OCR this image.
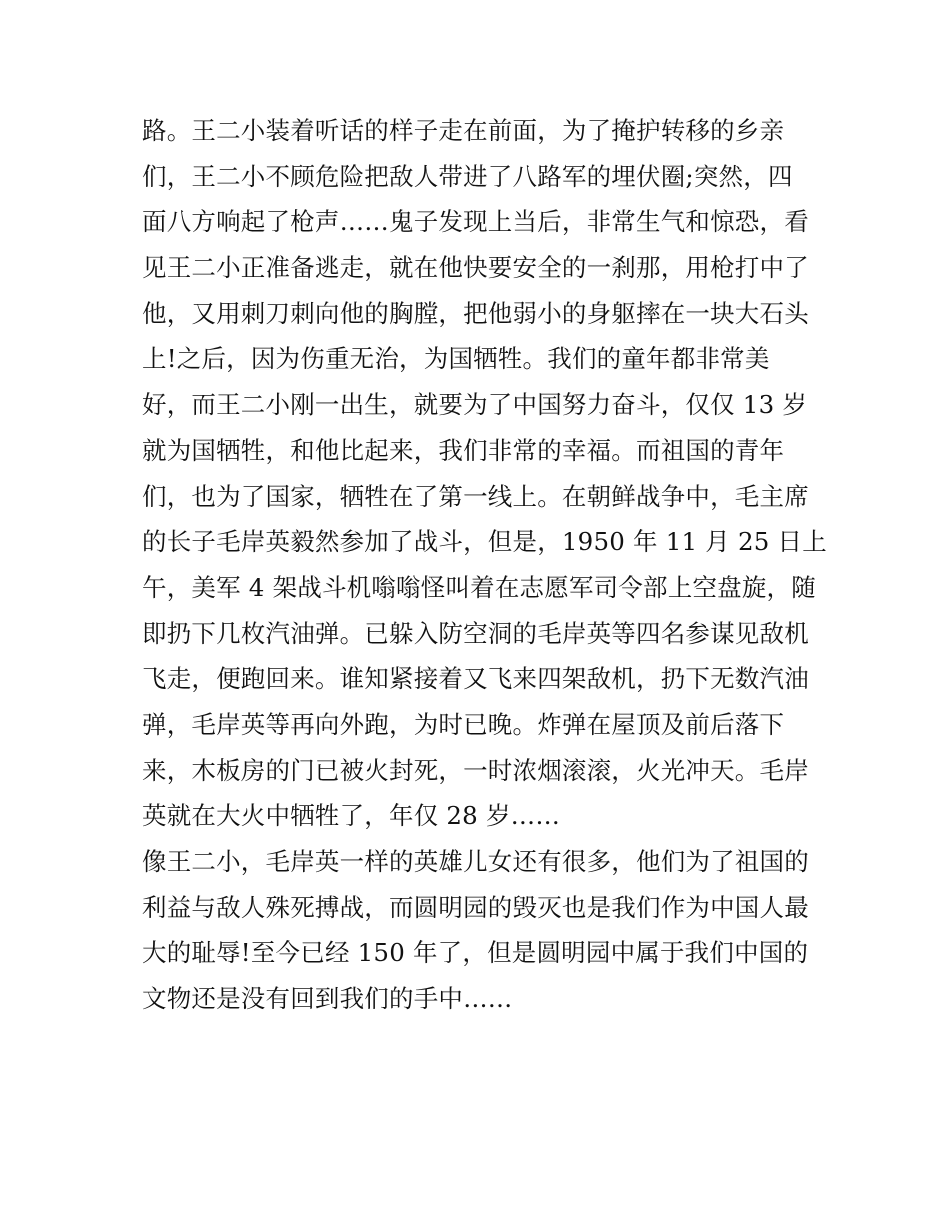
路。王二小装着听话的样子走在前面，为了掩护转移的乡亲
们，王二小不顾危险把敌人带进了八路军的埋伏圈;突然，四
面八方响起了枪声……鬼子发现上当后，非常生气和惊恐，看
见王二小正准备逃走，就在他快要安全的一刹那，用枪打中了
他，又用刺刀刺向他的胸膛，把他弱小的身躯摔在一块大石头
上!之后，因为伤重无治，为国牺牲。我们的童年都非常美
好，而王二小刚一出生，就要为了中国努力奋斗，仅仅 13 岁
就为国牺牲，和他比起来，我们非常的幸福。而祖国的青年
们，也为了国家，牺牲在了第一线上。在朝鲜战争中，毛主席
的长子毛岸英毅然参加了战斗，但是，1950 年 11 月 25 日上
午，美军 4 架战斗机嗡嗡怪叫着在志愿军司令部上空盘旋，随
即扔下几枚汽油弹。已躲入防空洞的毛岸英等四名参谋见敌机
飞走，便跑回来。谁知紧接着又飞来四架敌机，扔下无数汽油
弹，毛岸英等再向外跑，为时已晚。炸弹在屋顶及前后落下
来，木板房的门已被火封死，一时浓烟滚滚，火光冲天。毛岸
英就在大火中牺牲了，年仅 28 岁……
像王二小，毛岸英一样的英雄儿女还有很多，他们为了祖国的
利益与敌人殊死搏战，而圆明园的毁灭也是我们作为中国人最
大的耻辱!至今已经 150 年了，但是圆明园中属于我们中国的
文物还是没有回到我们的手中……
